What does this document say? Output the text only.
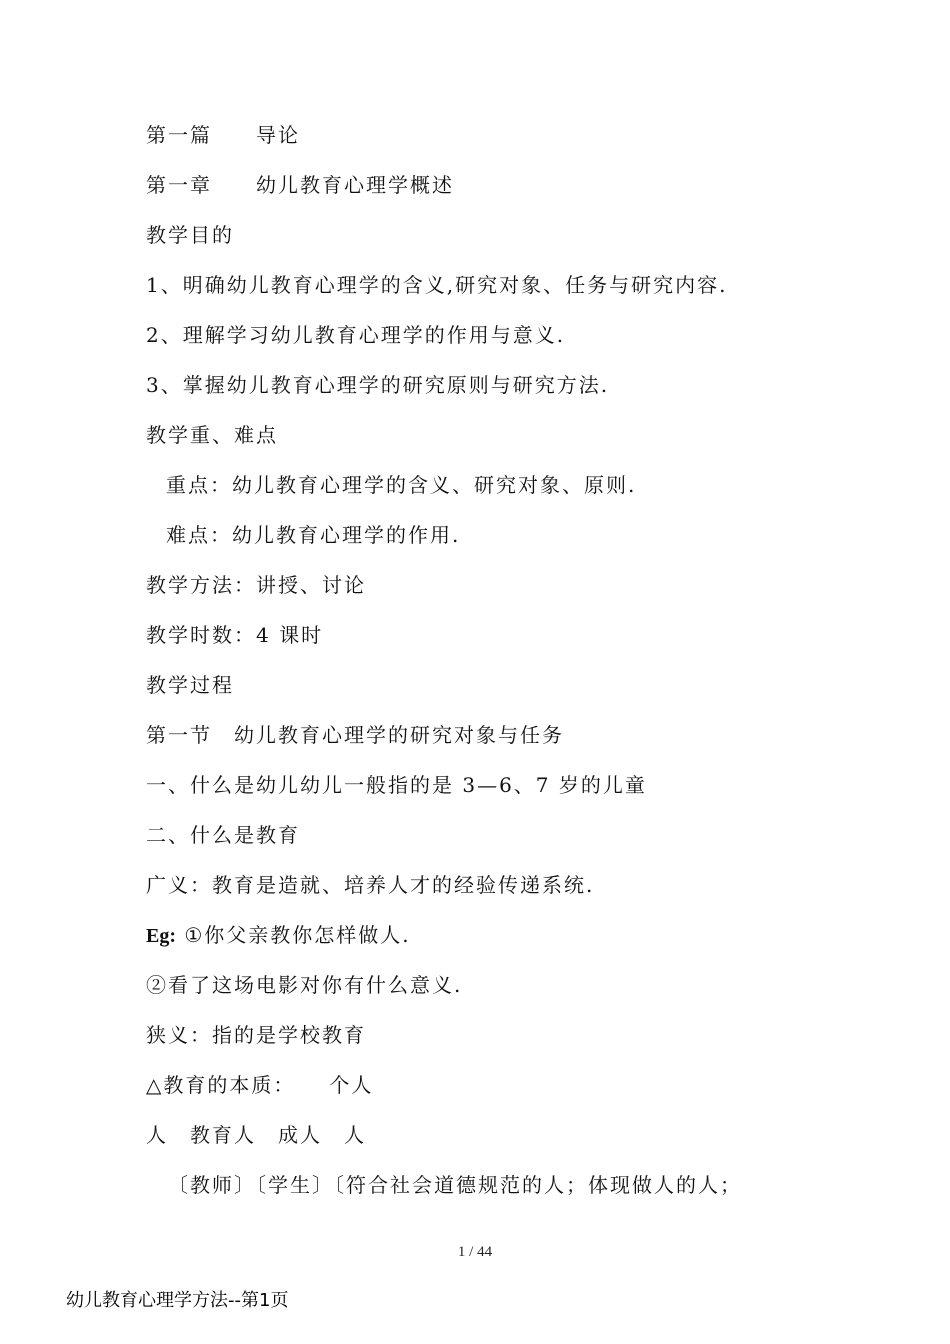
第一篇　　导论
第一章　　幼儿教育心理学概述
教学目的
1、明确幼儿教育心理学的含义,研究对象、任务与研究内容.
2、理解学习幼儿教育心理学的作用与意义.
3、掌握幼儿教育心理学的研究原则与研究方法.
教学重、难点
重点：幼儿教育心理学的含义、研究对象、原则.
难点：幼儿教育心理学的作用.
教学方法：讲授、讨论
教学时数：4 课时
教学过程
第一节　幼儿教育心理学的研究对象与任务
一、什么是幼儿幼儿一般指的是 3—6、7 岁的儿童
二、什么是教育
广义：教育是造就、培养人才的经验传递系统.
Eg: ①你父亲教你怎样做人.
②看了这场电影对你有什么意义.
狭义：指的是学校教育
△教育的本质：　　个人
人　教育人　成人　人
〔教师〕〔学生〕〔符合社会道德规范的人；体现做人的人；
1 / 44
幼儿教育心理学方法--第1页
